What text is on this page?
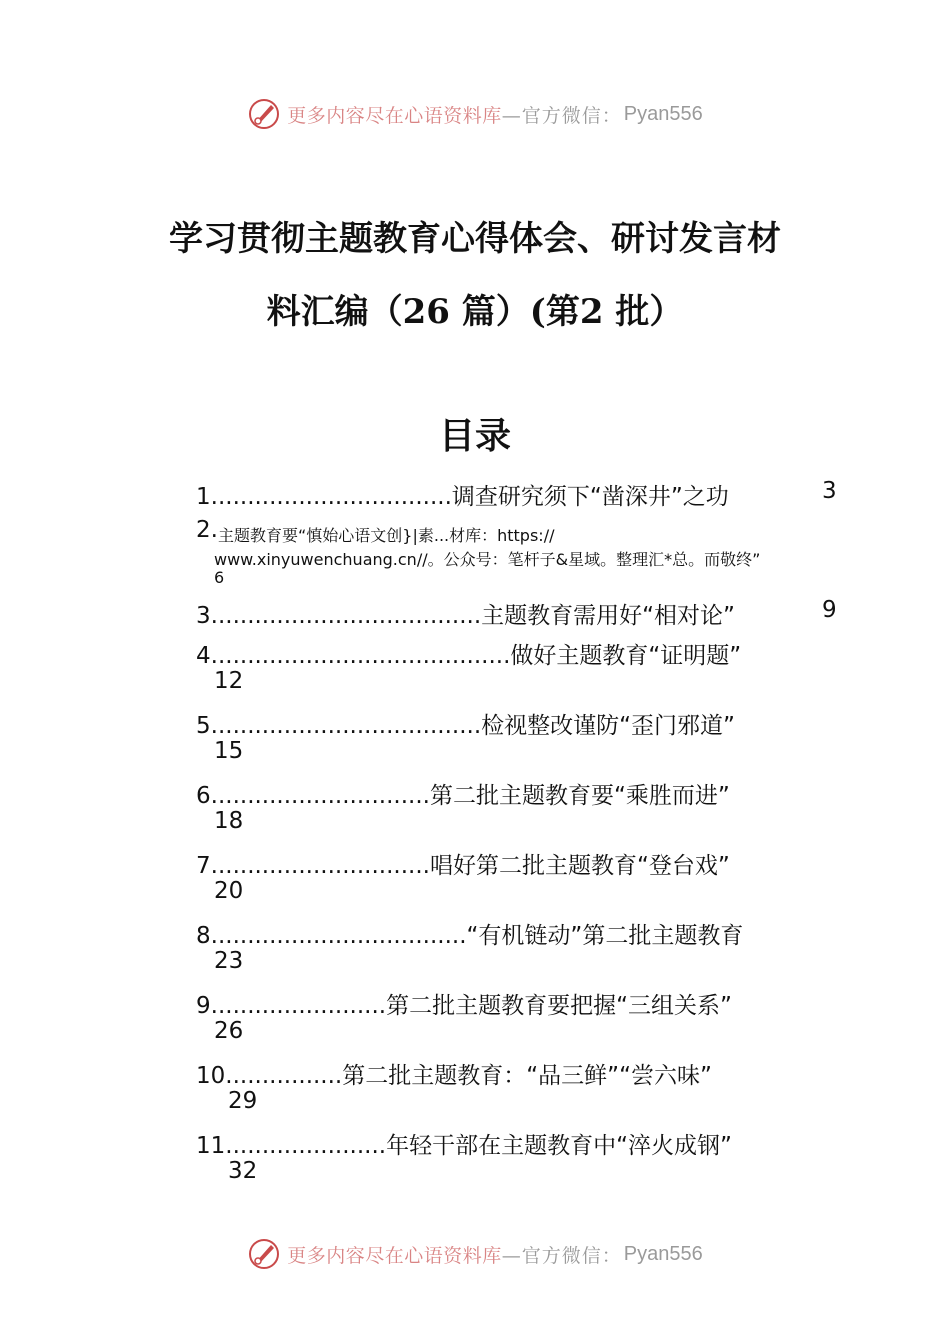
更多内容尽在心语资料库 —官方微信： Pyan556
学习贯彻主题教育心得体会、研讨发言材
料汇编（26 篇）(第2 批）
目录
1.................................调查研究须下“凿深井”之功	3
2. 主题教育要“慎始心语文创}|素...材库：https://
www.xinyuwenchuang.cn//。公众号：笔杆子&星域。整理汇*总。而敬终”
6
3.....................................主题教育需用好“相对论”	9
4.........................................做好主题教育“证明题”
12
5.....................................检视整改谨防“歪门邪道”
15
6..............................第二批主题教育要“乘胜而进”
18
7..............................唱好第二批主题教育“登台戏”
20
8...................................“有机链动”第二批主题教育
23
9........................第二批主题教育要把握“三组关系”
26
10................第二批主题教育：“品三鲜”“尝六味”
29
11......................年轻干部在主题教育中“淬火成钢”
32
更多内容尽在心语资料库 —官方微信： Pyan556
